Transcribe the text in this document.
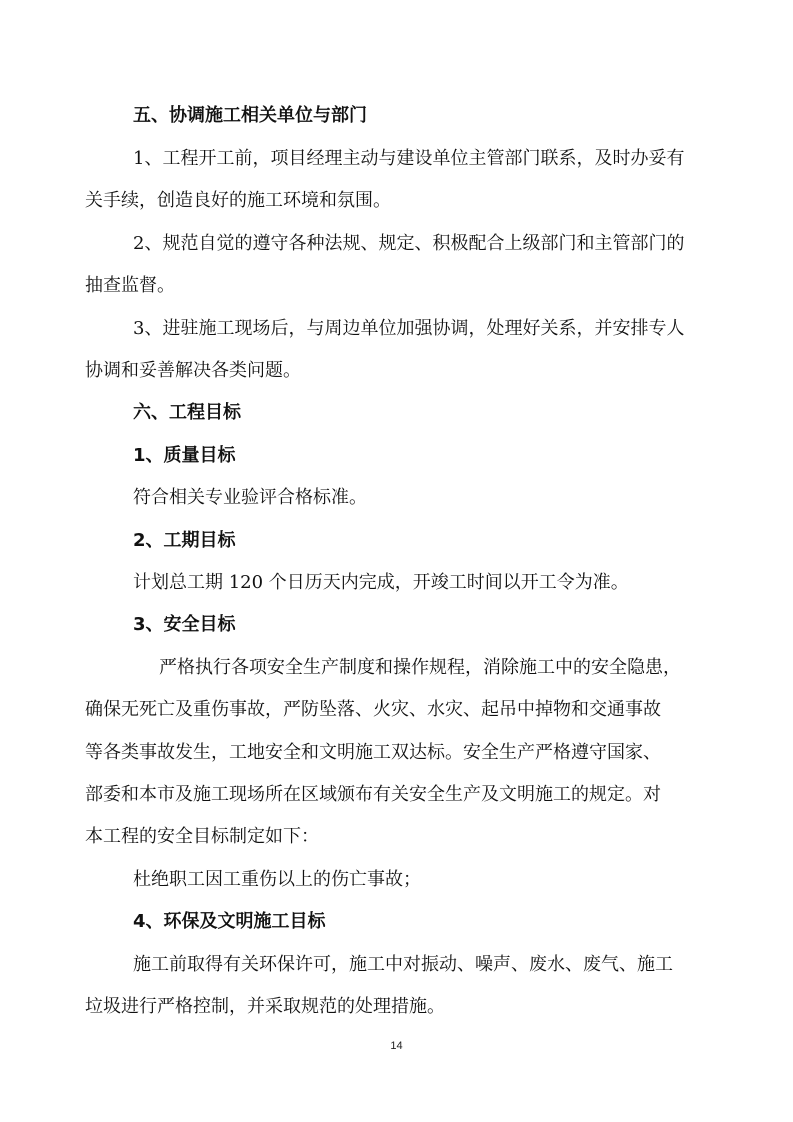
五、协调施工相关单位与部门
1、工程开工前，项目经理主动与建设单位主管部门联系，及时办妥有
关手续，创造良好的施工环境和氛围。
2、规范自觉的遵守各种法规、规定、积极配合上级部门和主管部门的
抽查监督。
3、进驻施工现场后，与周边单位加强协调，处理好关系，并安排专人
协调和妥善解决各类问题。
六、工程目标
1、质量目标
符合相关专业验评合格标准。
2、工期目标
计划总工期 120 个日历天内完成，开竣工时间以开工令为准。
3、安全目标
严格执行各项安全生产制度和操作规程，消除施工中的安全隐患，
确保无死亡及重伤事故，严防坠落、火灾、水灾、起吊中掉物和交通事故
等各类事故发生，工地安全和文明施工双达标。安全生产严格遵守国家、
部委和本市及施工现场所在区域颁布有关安全生产及文明施工的规定。对
本工程的安全目标制定如下：
杜绝职工因工重伤以上的伤亡事故；
4、环保及文明施工目标
施工前取得有关环保许可，施工中对振动、噪声、废水、废气、施工
垃圾进行严格控制，并采取规范的处理措施。
14
